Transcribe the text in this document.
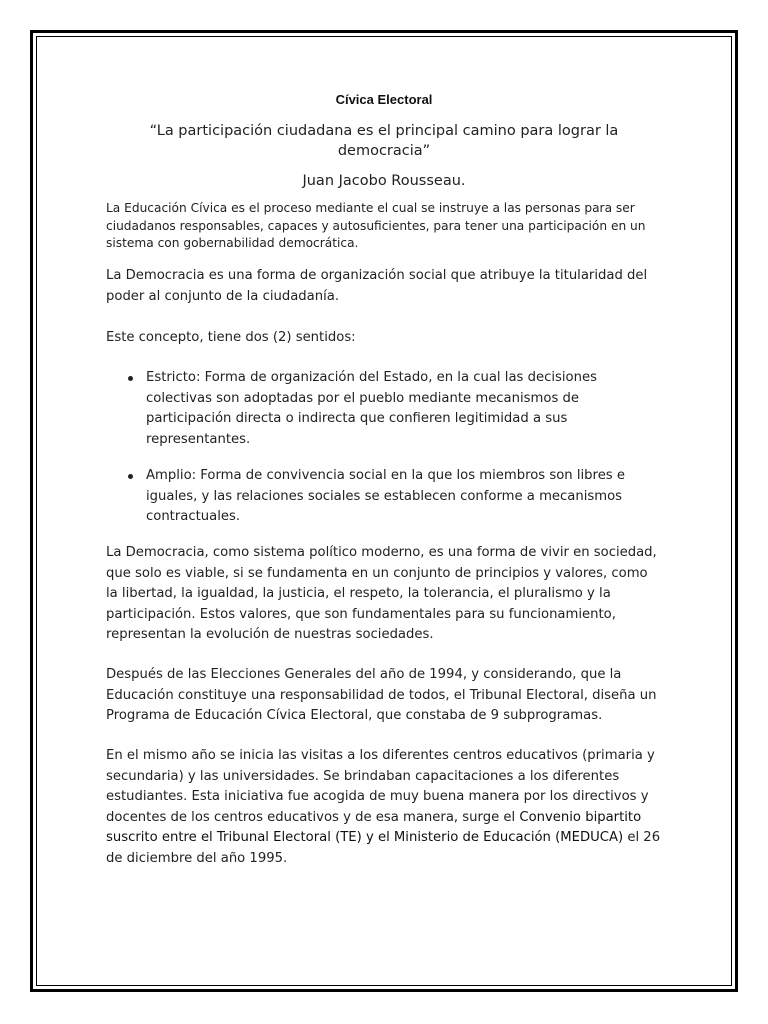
Cívica Electoral
“La participación ciudadana es el principal camino para lograr la democracia”
Juan Jacobo Rousseau.

La Educación Cívica es el proceso mediante el cual se instruye a las personas para ser ciudadanos responsables, capaces y autosuficientes, para tener una participación en un sistema con gobernabilidad democrática.

La Democracia es una forma de organización social que atribuye la titularidad del poder al conjunto de la ciudadanía.

Este concepto, tiene dos (2) sentidos:

Estricto: Forma de organización del Estado, en la cual las decisiones colectivas son adoptadas por el pueblo mediante mecanismos de participación directa o indirecta que confieren legitimidad a sus representantes.
Amplio: Forma de convivencia social en la que los miembros son libres e iguales, y las relaciones sociales se establecen conforme a mecanismos contractuales.

La Democracia, como sistema político moderno, es una forma de vivir en sociedad, que solo es viable, si se fundamenta en un conjunto de principios y valores, como la libertad, la igualdad, la justicia, el respeto, la tolerancia, el pluralismo y la participación. Estos valores, que son fundamentales para su funcionamiento, representan la evolución de nuestras sociedades.

Después de las Elecciones Generales del año de 1994, y considerando, que la Educación constituye una responsabilidad de todos, el Tribunal Electoral, diseña un Programa de Educación Cívica Electoral, que constaba de 9 subprogramas.

En el mismo año se inicia las visitas a los diferentes centros educativos (primaria y secundaria) y las universidades. Se brindaban capacitaciones a los diferentes estudiantes. Esta iniciativa fue acogida de muy buena manera por los directivos y docentes de los centros educativos y de esa manera, surge el Convenio bipartito suscrito entre el Tribunal Electoral (TE) y el Ministerio de Educación (MEDUCA) el 26 de diciembre del año 1995.
